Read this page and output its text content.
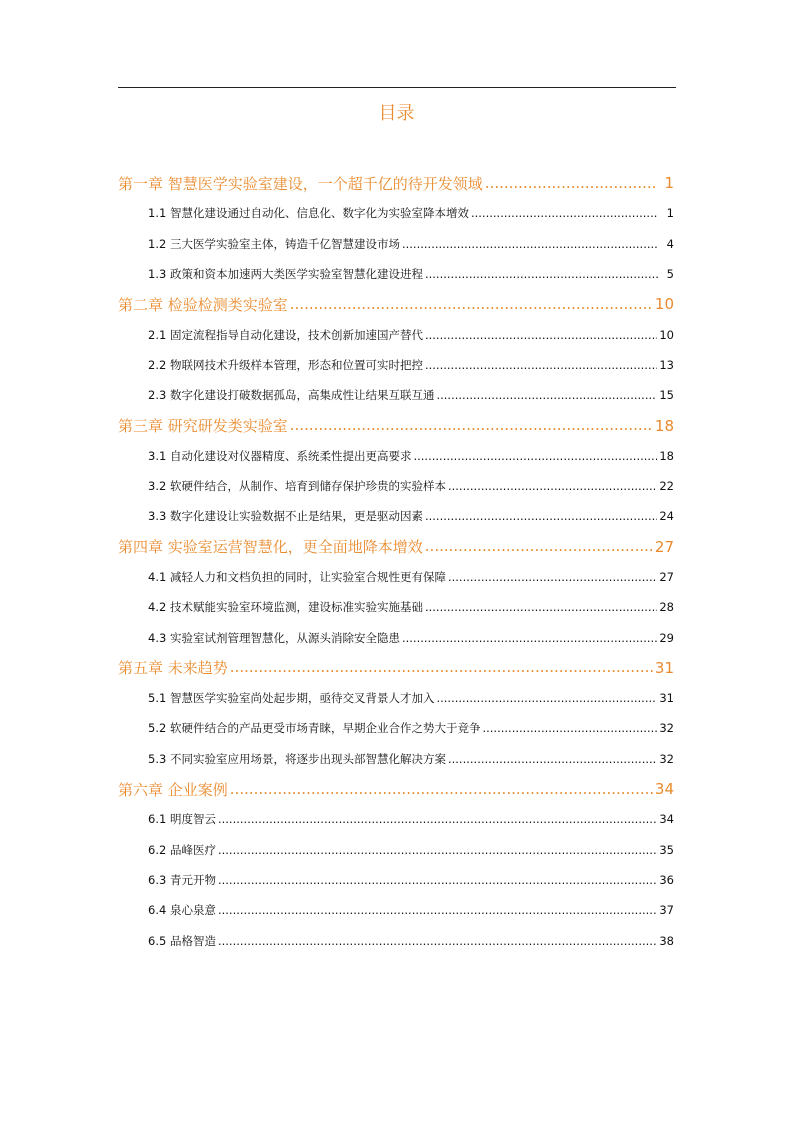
目录
第一章 智慧医学实验室建设，一个超千亿的待开发领域 .....	1
1.1 智慧化建设通过自动化、信息化、数字化为实验室降本增效 .....	1
1.2 三大医学实验室主体，铸造千亿智慧建设市场 .....	4
1.3 政策和资本加速两大类医学实验室智慧化建设进程 .....	5
第二章 检验检测类实验室 .....	10
2.1 固定流程指导自动化建设，技术创新加速国产替代 .....	10
2.2 物联网技术升级样本管理，形态和位置可实时把控 .....	13
2.3 数字化建设打破数据孤岛，高集成性让结果互联互通 .....	15
第三章 研究研发类实验室 .....	18
3.1 自动化建设对仪器精度、系统柔性提出更高要求 .....	18
3.2 软硬件结合，从制作、培育到储存保护珍贵的实验样本 .....	22
3.3 数字化建设让实验数据不止是结果，更是驱动因素 .....	24
第四章 实验室运营智慧化，更全面地降本增效 .....	27
4.1 减轻人力和文档负担的同时，让实验室合规性更有保障 .....	27
4.2 技术赋能实验室环境监测，建设标准实验实施基础 .....	28
4.3 实验室试剂管理智慧化，从源头消除安全隐患 .....	29
第五章 未来趋势 .....	31
5.1 智慧医学实验室尚处起步期，亟待交叉背景人才加入 .....	31
5.2 软硬件结合的产品更受市场青睐，早期企业合作之势大于竞争 .....	32
5.3 不同实验室应用场景，将逐步出现头部智慧化解决方案 .....	32
第六章 企业案例 .....	34
6.1 明度智云 .....	34
6.2 品峰医疗 .....	35
6.3 青元开物 .....	36
6.4 泉心泉意 .....	37
6.5 品格智造 .....	38
